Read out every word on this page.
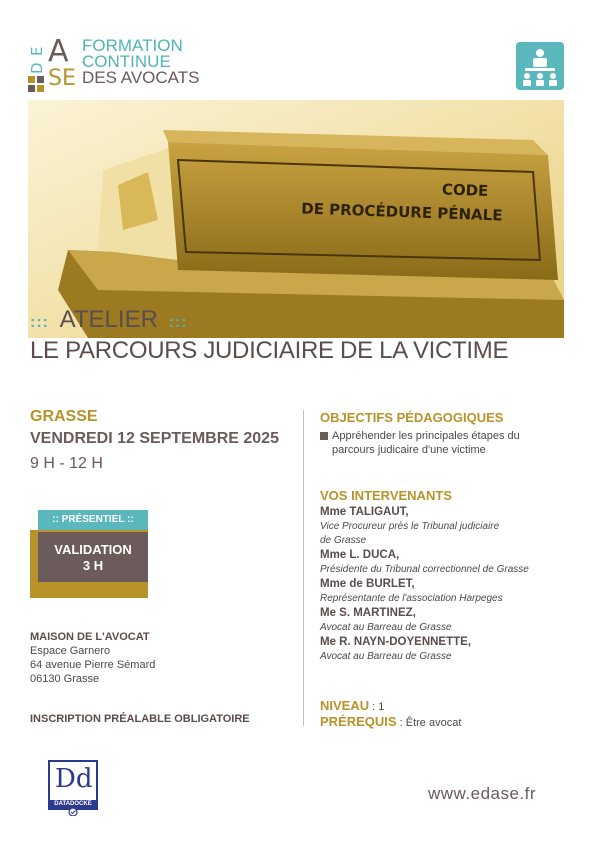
E
D A
SE
FORMATION
CONTINUE
DES AVOCATS
CODE
DE PROCÉDURE PÉNALE
::: ATELIER :::
LE PARCOURS JUDICIAIRE DE LA VICTIME
GRASSE
VENDREDI 12 SEPTEMBRE 2025
9 H - 12 H
:: PRÉSENTIEL ::
VALIDATION
3 H
MAISON DE L'AVOCAT
Espace Garnero
64 avenue Pierre Sémard
06130 Grasse
INSCRIPTION PRÉALABLE OBLIGATOIRE
OBJECTIFS PÉDAGOGIQUES
Appréhender les principales étapes du parcours judicaire d'une victime
VOS INTERVENANTS
Mme TALIGAUT,
Vice Procureur près le Tribunal judiciaire
de Grasse
Mme L. DUCA,
Présidente du Tribunal correctionnel de Grasse
Mme de BURLET,
Représentante de l'association Harpeges
Me S. MARTINEZ,
Avocat au Barreau de Grasse
Me R. NAYN-DOYENNETTE,
Avocat au Barreau de Grasse
NIVEAU : 1
PRÉREQUIS : Être avocat
Dd
DATADOCKÉ
www.edase.fr
